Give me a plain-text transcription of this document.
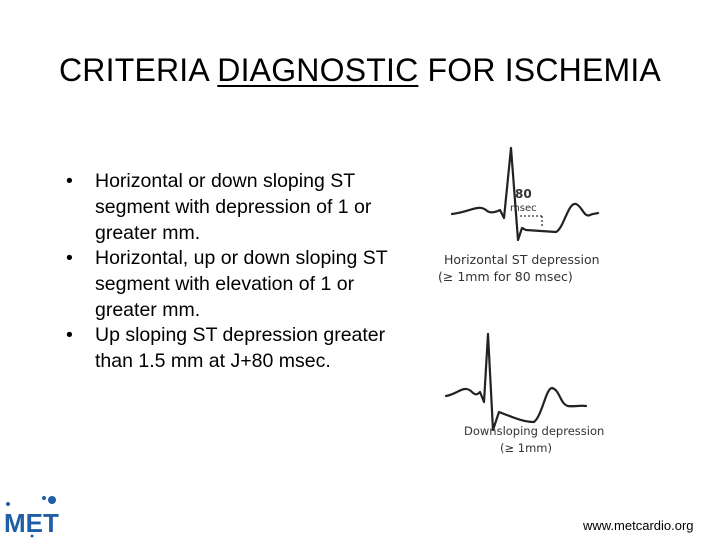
CRITERIA DIAGNOSTIC FOR ISCHEMIA
• Horizontal or down sloping ST segment with depression of 1 or greater mm.
• Horizontal, up or down sloping ST segment with elevation of 1 or greater mm.
• Up sloping ST depression greater than 1.5 mm at J+80 msec.
80
msec
Horizontal ST depression
(≥ 1mm for 80 msec)
Downsloping depression
(≥ 1mm)
MET	www.metcardio.org
